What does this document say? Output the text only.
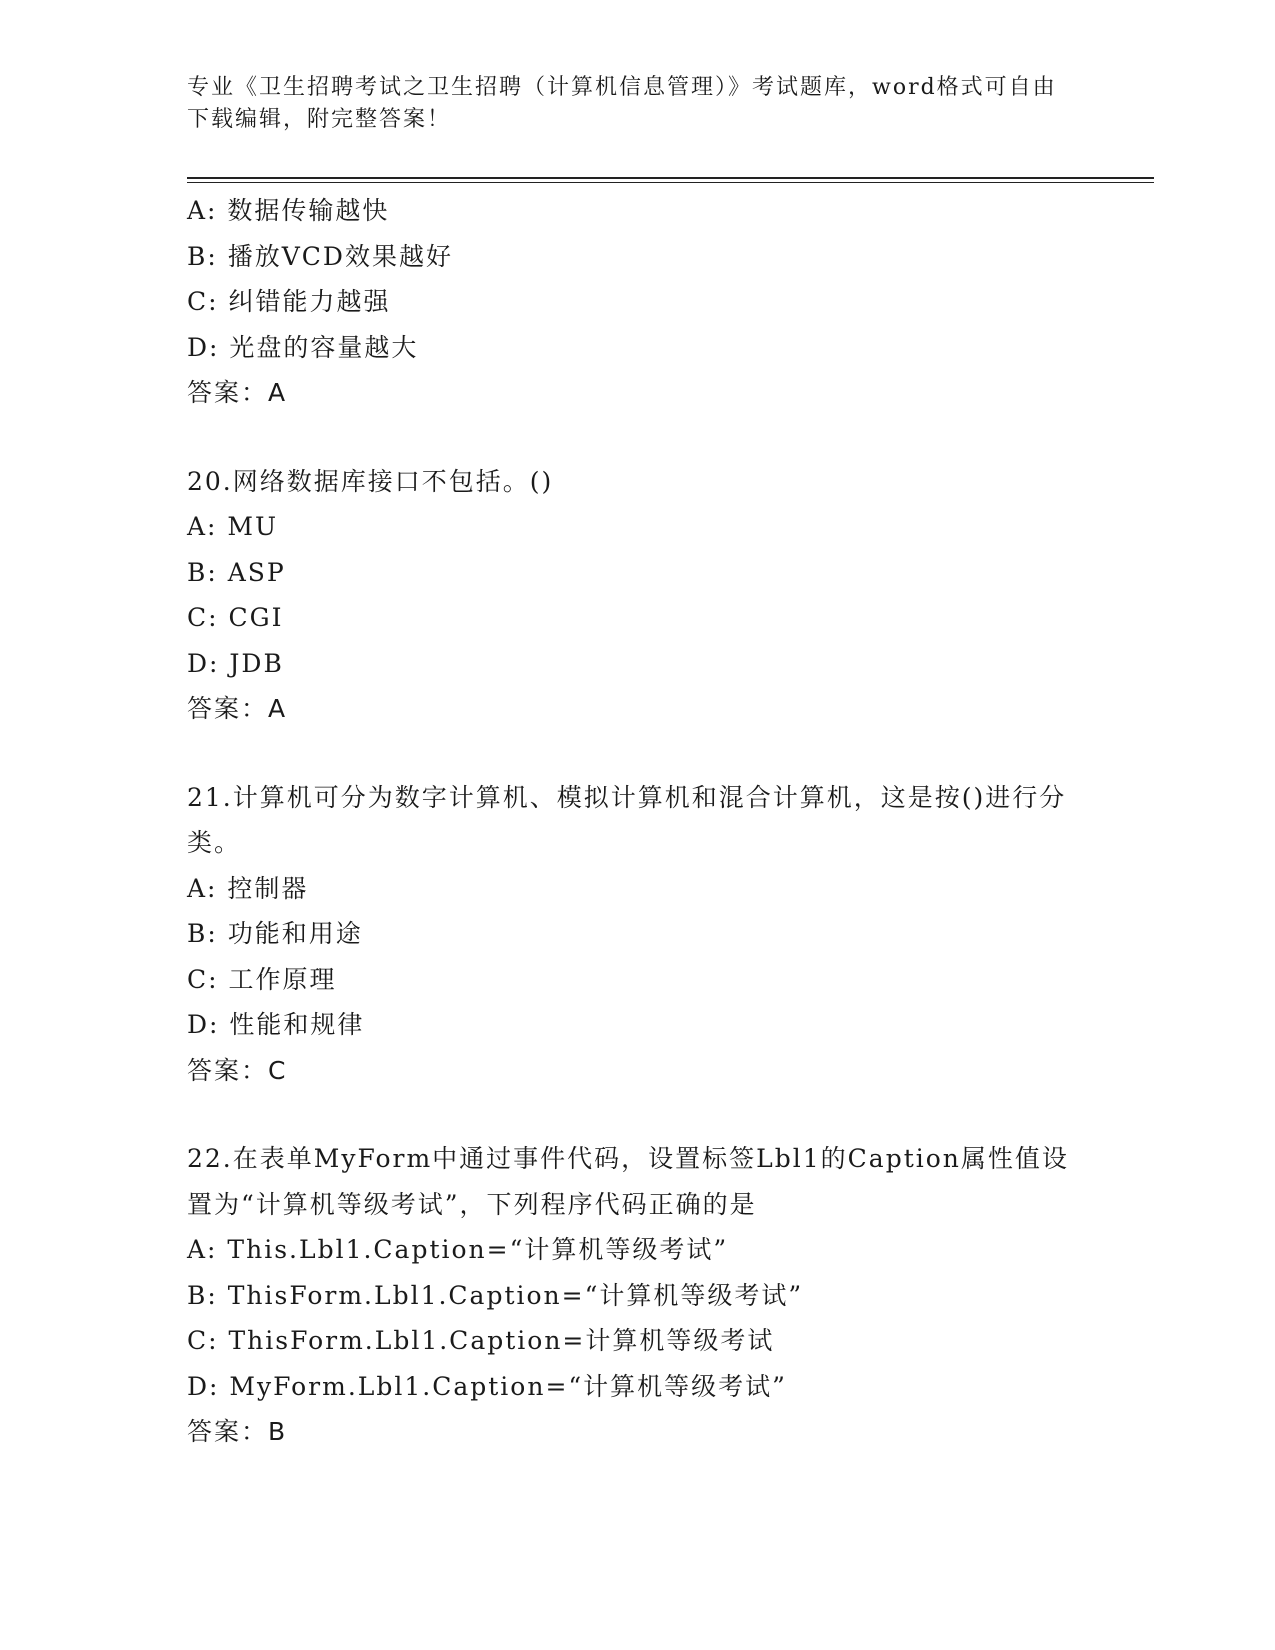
专业《卫生招聘考试之卫生招聘（计算机信息管理）》考试题库，word格式可自由下载编辑，附完整答案！
A: 数据传输越快
B: 播放VCD效果越好
C: 纠错能力越强
D: 光盘的容量越大
答案：A
20.网络数据库接口不包括。()
A: MU
B: ASP
C: CGI
D: JDB
答案：A
21.计算机可分为数字计算机、模拟计算机和混合计算机，这是按()进行分类。
A: 控制器
B: 功能和用途
C: 工作原理
D: 性能和规律
答案：C
22.在表单MyForm中通过事件代码，设置标签Lbl1的Caption属性值设置为“计算机等级考试”，下列程序代码正确的是
A: This.Lbl1.Caption=“计算机等级考试”
B: ThisForm.Lbl1.Caption=“计算机等级考试”
C: ThisForm.Lbl1.Caption=计算机等级考试
D: MyForm.Lbl1.Caption=“计算机等级考试”
答案：B
